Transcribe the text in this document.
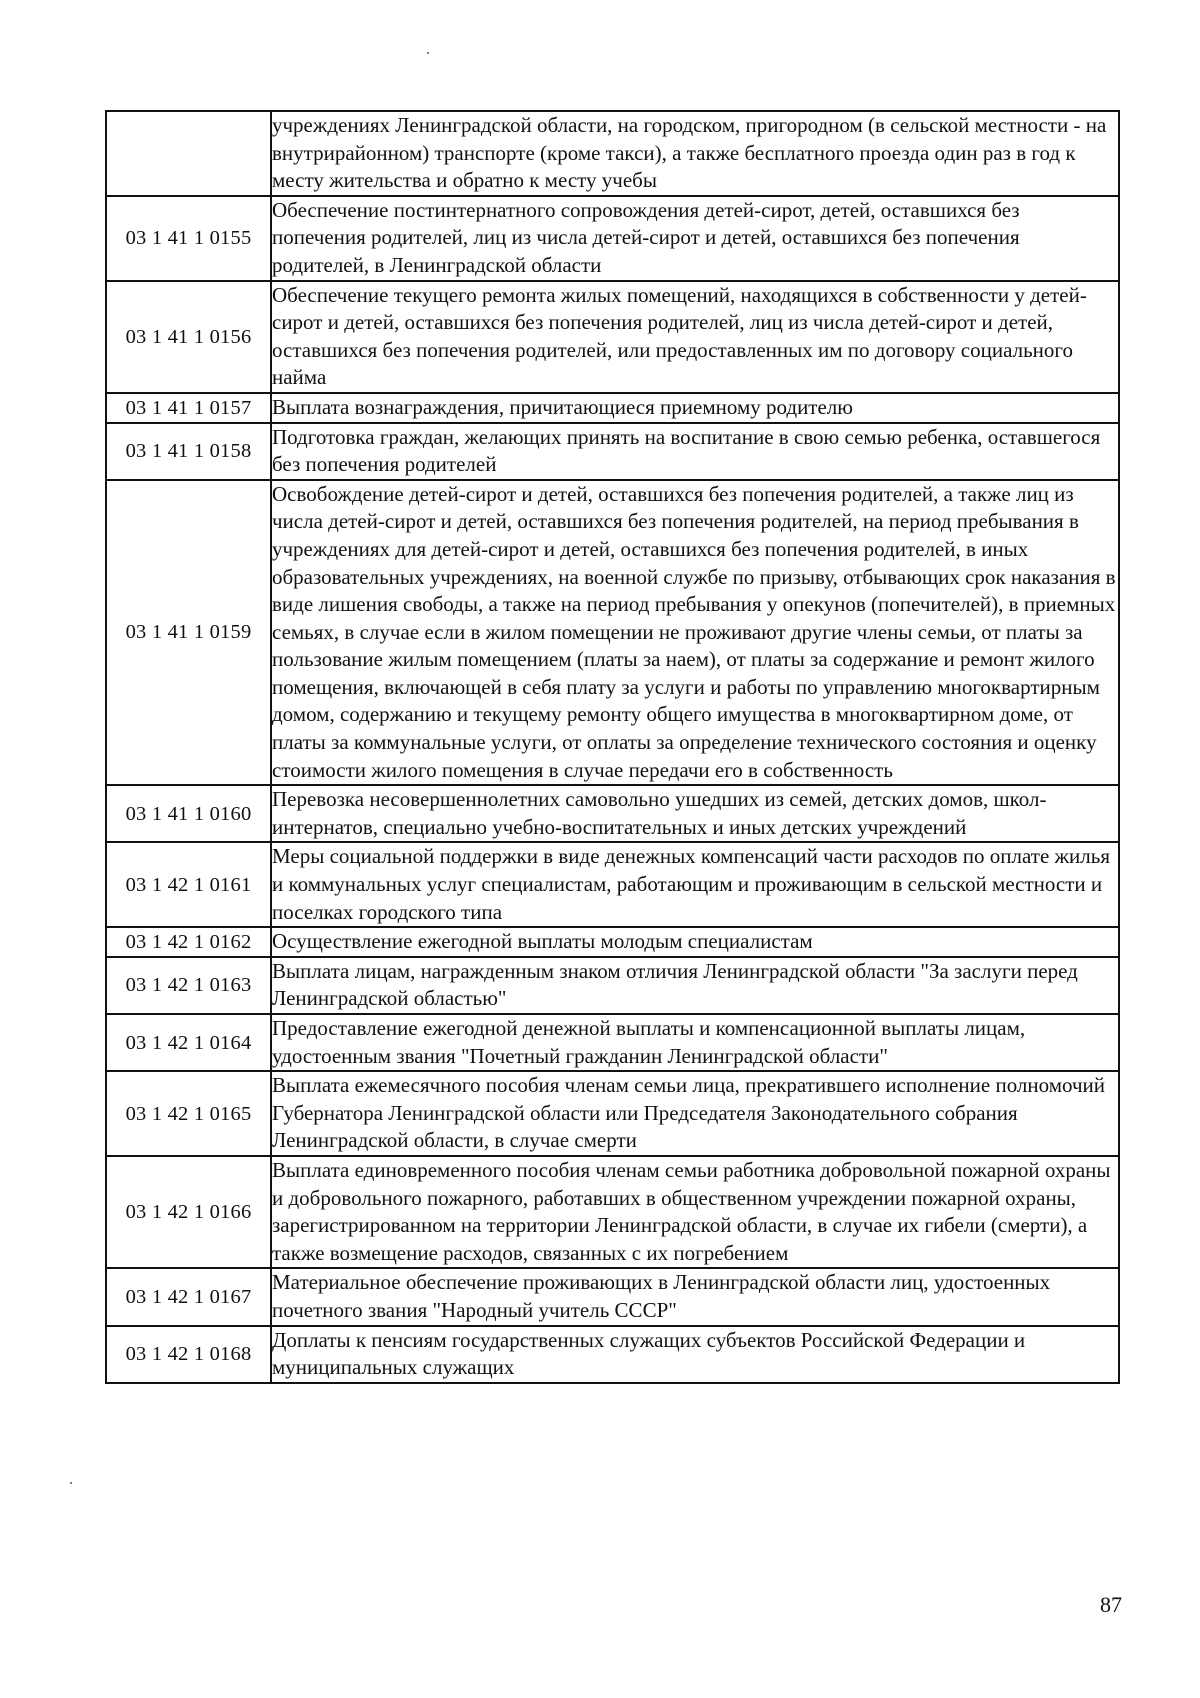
	учреждениях Ленинградской области, на городском, пригородном (в сельской местности - на внутрирайонном) транспорте (кроме такси), а также бесплатного проезда один раз в год к месту жительства и обратно к месту учебы
03 1 41 1 0155	Обеспечение постинтернатного сопровождения детей-сирот, детей, оставшихся без попечения родителей, лиц из числа детей-сирот и детей, оставшихся без попечения родителей, в Ленинградской области
03 1 41 1 0156	Обеспечение текущего ремонта жилых помещений, находящихся в собственности у детей-сирот и детей, оставшихся без попечения родителей, лиц из числа детей-сирот и детей, оставшихся без попечения родителей, или предоставленных им по договору социального найма
03 1 41 1 0157	Выплата вознаграждения, причитающиеся приемному родителю
03 1 41 1 0158	Подготовка граждан, желающих принять на воспитание в свою семью ребенка, оставшегося без попечения родителей
03 1 41 1 0159	Освобождение детей-сирот и детей, оставшихся без попечения родителей, а также лиц из числа детей-сирот и детей, оставшихся без попечения родителей, на период пребывания в учреждениях для детей-сирот и детей, оставшихся без попечения родителей, в иных образовательных учреждениях, на военной службе по призыву, отбывающих срок наказания в виде лишения свободы, а также на период пребывания у опекунов (попечителей), в приемных семьях, в случае если в жилом помещении не проживают другие члены семьи, от платы за пользование жилым помещением (платы за наем), от платы за содержание и ремонт жилого помещения, включающей в себя плату за услуги и работы по управлению многоквартирным домом, содержанию и текущему ремонту общего имущества в многоквартирном доме, от платы за коммунальные услуги, от оплаты за определение технического состояния и оценку стоимости жилого помещения в случае передачи его в собственность
03 1 41 1 0160	Перевозка несовершеннолетних самовольно ушедших из семей, детских домов, школ-интернатов, специально учебно-воспитательных и иных детских учреждений
03 1 42 1 0161	Меры социальной поддержки в виде денежных компенсаций части расходов по оплате жилья и коммунальных услуг специалистам, работающим и проживающим в сельской местности и поселках городского типа
03 1 42 1 0162	Осуществление ежегодной выплаты молодым специалистам
03 1 42 1 0163	Выплата лицам, награжденным знаком отличия Ленинградской области "За заслуги перед Ленинградской областью"
03 1 42 1 0164	Предоставление ежегодной денежной выплаты и компенсационной выплаты лицам, удостоенным звания "Почетный гражданин Ленинградской области"
03 1 42 1 0165	Выплата ежемесячного пособия членам семьи лица, прекратившего исполнение полномочий Губернатора Ленинградской области или Председателя Законодательного собрания Ленинградской области, в случае смерти
03 1 42 1 0166	Выплата единовременного пособия членам семьи работника добровольной пожарной охраны и добровольного пожарного, работавших в общественном учреждении пожарной охраны, зарегистрированном на территории Ленинградской области, в случае их гибели (смерти), а также возмещение расходов, связанных с их погребением
03 1 42 1 0167	Материальное обеспечение проживающих в Ленинградской области лиц, удостоенных почетного звания "Народный учитель СССР"
03 1 42 1 0168	Доплаты к пенсиям государственных служащих субъектов Российской Федерации и муниципальных служащих
87
